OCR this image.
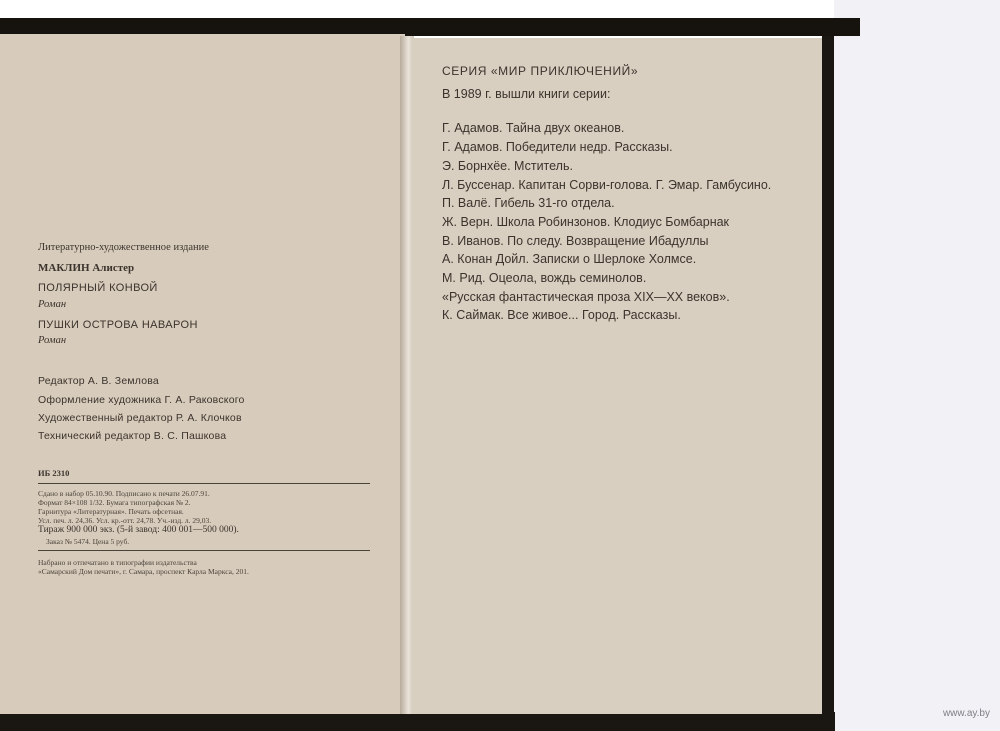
Литературно-художественное издание
МАКЛИН Алистер
ПОЛЯРНЫЙ КОНВОЙ
Роман
ПУШКИ ОСТРОВА НАВАРОН
Роман
Редактор А. В. Землова
Оформление художника Г. А. Раковского
Художественный редактор Р. А. Клочков
Технический редактор В. С. Пашкова
ИБ 2310
Сдано в набор 05.10.90. Подписано к печати 26.07.91.
Формат 84×108 1/32. Бумага типографская № 2.
Гарнитура «Литературная». Печать офсетная.
Усл. печ. л. 24,36. Усл. кр.-отт. 24,78. Уч.-изд. л. 29,03.
Тираж 900 000 экз. (5-й завод: 400 001—500 000).
Заказ № 5474. Цена 5 руб.
Набрано и отпечатано в типографии издательства
«Самарский Дом печати», г. Самара, проспект Карла Маркса, 201.
СЕРИЯ «МИР ПРИКЛЮЧЕНИЙ»
В 1989 г. вышли книги серии:
Г. Адамов. Тайна двух океанов.
Г. Адамов. Победители недр. Рассказы.
Э. Борнхёе. Мститель.
Л. Буссенар. Капитан Сорви-голова. Г. Эмар. Гамбусино.
П. Валё. Гибель 31-го отдела.
Ж. Верн. Школа Робинзонов. Клодиус Бомбарнак
В. Иванов. По следу. Возвращение Ибадуллы
А. Конан Дойл. Записки о Шерлоке Холмсе.
М. Рид. Оцеола, вождь семинолов.
«Русская фантастическая проза XIX—XX веков».
К. Саймак. Все живое... Город. Рассказы.
www.ay.by
